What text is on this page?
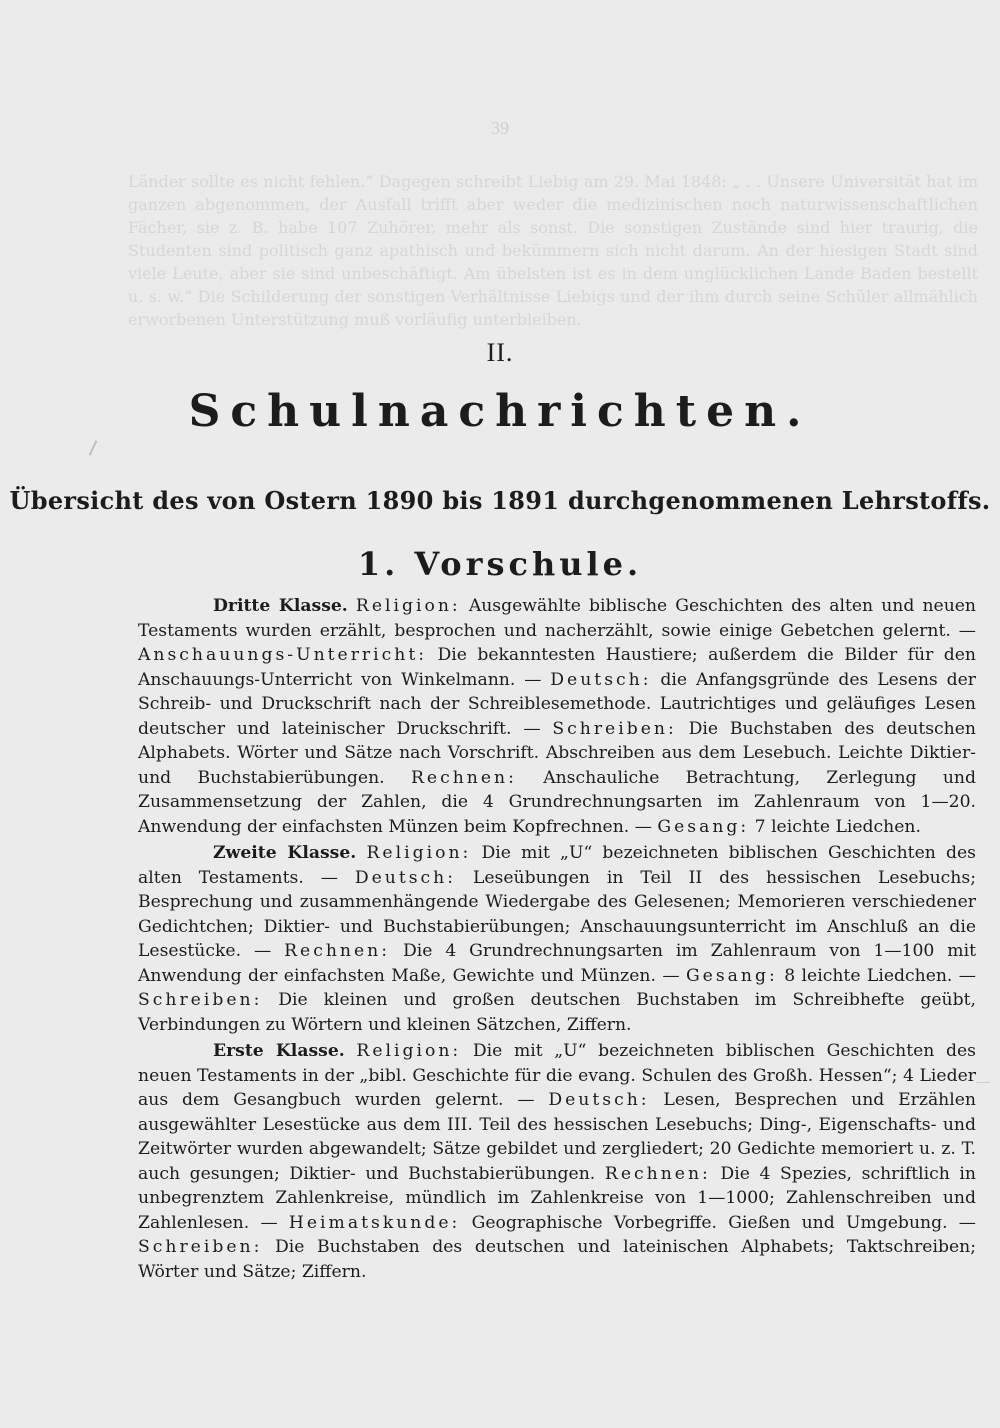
39
Länder sollte es nicht fehlen.“ Dagegen schreibt Liebig am 29. Mai 1848: „ . . Unsere Universität hat im ganzen abgenommen, der Ausfall trifft aber weder die medizinischen noch naturwissenschaftlichen Fächer, sie z. B. habe 107 Zuhörer, mehr als sonst. Die sonstigen Zustände sind hier traurig, die Studenten sind politisch ganz apathisch und bekümmern sich nicht darum. An der hiesigen Stadt sind viele Leute, aber sie sind unbeschäftigt. Am übelsten ist es in dem unglücklichen Lande Baden bestellt u. s. w.“ Die Schilderung der sonstigen Verhältnisse Liebigs und der ihm durch seine Schüler allmählich erworbenen Unterstützung muß vorläufig unterbleiben.
II.
Schulnachrichten.
Übersicht des von Ostern 1890 bis 1891 durchgenommenen Lehrstoffs.
1. Vorschule.

Dritte Klasse. Religion: Ausgewählte biblische Geschichten des alten und neuen Testaments wurden erzählt, besprochen und nacherzählt, sowie einige Gebetchen gelernt. — Anschauungs-Unterricht: Die bekanntesten Haustiere; außerdem die Bilder für den Anschauungs-Unterricht von Winkelmann. — Deutsch: die Anfangsgründe des Lesens der Schreib- und Druckschrift nach der Schreiblesemethode. Lautrichtiges und geläufiges Lesen deutscher und lateinischer Druckschrift. — Schreiben: Die Buchstaben des deutschen Alphabets. Wörter und Sätze nach Vorschrift. Abschreiben aus dem Lesebuch. Leichte Diktier- und Buchstabierübungen. Rechnen: Anschauliche Betrachtung, Zerlegung und Zusammensetzung der Zahlen, die 4 Grundrechnungsarten im Zahlenraum von 1—20. Anwendung der einfachsten Münzen beim Kopfrechnen. — Gesang: 7 leichte Liedchen.

Zweite Klasse. Religion: Die mit „U“ bezeichneten biblischen Geschichten des alten Testaments. — Deutsch: Leseübungen in Teil II des hessischen Lesebuchs; Besprechung und zusammenhängende Wiedergabe des Gelesenen; Memorieren verschiedener Gedichtchen; Diktier- und Buchstabierübungen; Anschauungsunterricht im Anschluß an die Lesestücke. — Rechnen: Die 4 Grundrechnungsarten im Zahlenraum von 1—100 mit Anwendung der einfachsten Maße, Gewichte und Münzen. — Gesang: 8 leichte Liedchen. — Schreiben: Die kleinen und großen deutschen Buchstaben im Schreibhefte geübt, Verbindungen zu Wörtern und kleinen Sätzchen, Ziffern.

Erste Klasse. Religion: Die mit „U“ bezeichneten biblischen Geschichten des neuen Testaments in der „bibl. Geschichte für die evang. Schulen des Großh. Hessen“; 4 Lieder aus dem Gesangbuch wurden gelernt. — Deutsch: Lesen, Besprechen und Erzählen ausgewählter Lesestücke aus dem III. Teil des hessischen Lesebuchs; Ding-, Eigenschafts- und Zeitwörter wurden abgewandelt; Sätze gebildet und zergliedert; 20 Gedichte memoriert u. z. T. auch gesungen; Diktier- und Buchstabierübungen. Rechnen: Die 4 Spezies, schriftlich in unbegrenztem Zahlenkreise, mündlich im Zahlenkreise von 1—1000; Zahlenschreiben und Zahlenlesen. — Heimatskunde: Geographische Vorbegriffe. Gießen und Umgebung. — Schreiben: Die Buchstaben des deutschen und lateinischen Alphabets; Taktschreiben; Wörter und Sätze; Ziffern.
